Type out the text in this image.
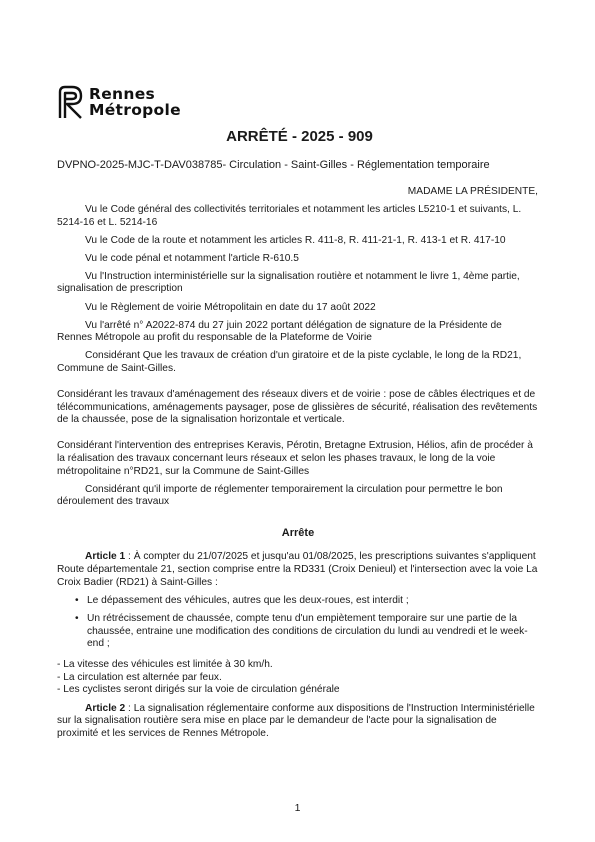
Rennes
Métropole
ARRÊTÉ - 2025 - 909
DVPNO-2025-MJC-T-DAV038785- Circulation - Saint-Gilles - Réglementation temporaire
MADAME LA PRÉSIDENTE,

Vu le Code général des collectivités territoriales et notamment les articles L5210-1 et suivants, L. 5214-16 et L. 5214-16

Vu le Code de la route et notamment les articles R. 411-8, R. 411-21-1, R. 413-1 et R. 417-10

Vu le code pénal et notamment l'article R-610.5

Vu l'Instruction interministérielle sur la signalisation routière et notamment le livre 1, 4ème partie, signalisation de prescription

Vu le Règlement de voirie Métropolitain en date du 17 août 2022

Vu l'arrêté n° A2022-874 du 27 juin 2022 portant délégation de signature de la Présidente de Rennes Métropole au profit du responsable de la Plateforme de Voirie

Considérant Que les travaux de création d'un giratoire et de la piste cyclable, le long de la RD21, Commune de Saint-Gilles.

Considérant les travaux d'aménagement des réseaux divers et de voirie : pose de câbles électriques et de télécommunications, aménagements paysager, pose de glissières de sécurité, réalisation des revêtements de la chaussée, pose de la signalisation horizontale et verticale.

Considérant l'intervention des entreprises Keravis, Pérotin, Bretagne Extrusion, Hélios, afin de procéder à la réalisation des travaux concernant leurs réseaux et selon les phases travaux, le long de la voie métropolitaine n°RD21, sur la Commune de Saint-Gilles

Considérant qu'il importe de réglementer temporairement la circulation pour permettre le bon déroulement des travaux

Arrête

Article 1 : À compter du 21/07/2025 et jusqu'au 01/08/2025, les prescriptions suivantes s'appliquent Route départementale 21, section comprise entre la RD331 (Croix Denieul) et l'intersection avec la voie La Croix Badier (RD21) à Saint-Gilles :

• Le dépassement des véhicules, autres que les deux-roues, est interdit ;
• Un rétrécissement de chaussée, compte tenu d'un empiètement temporaire sur une partie de la chaussée, entraine une modification des conditions de circulation du lundi au vendredi et le week-end ;

- La vitesse des véhicules est limitée à 30 km/h.

- La circulation est alternée par feux.

- Les cyclistes seront dirigés sur la voie de circulation générale

Article 2 : La signalisation réglementaire conforme aux dispositions de l'Instruction Interministérielle sur la signalisation routière sera mise en place par le demandeur de l'acte pour la signalisation de proximité et les services de Rennes Métropole.

1
